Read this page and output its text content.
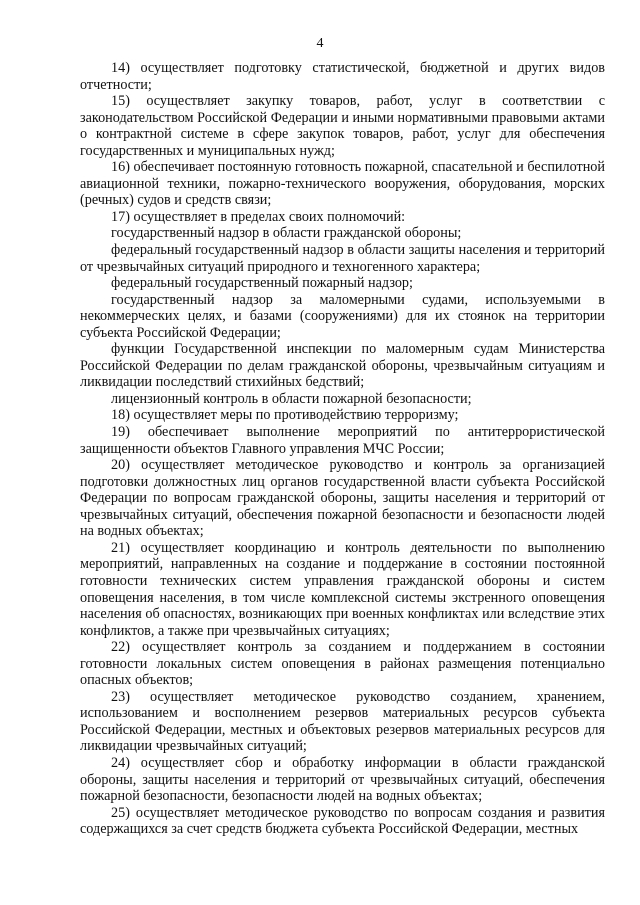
4

14) осуществляет подготовку статистической, бюджетной и других видов отчетности;

15) осуществляет закупку товаров, работ, услуг в соответствии с законодательством Российской Федерации и иными нормативными правовыми актами о контрактной системе в сфере закупок товаров, работ, услуг для обеспечения государственных и муниципальных нужд;

16) обеспечивает постоянную готовность пожарной, спасательной и беспилотной авиационной техники, пожарно-технического вооружения, оборудования, морских (речных) судов и средств связи;

17) осуществляет в пределах своих полномочий:

государственный надзор в области гражданской обороны;

федеральный государственный надзор в области защиты населения и территорий от чрезвычайных ситуаций природного и техногенного характера;

федеральный государственный пожарный надзор;

государственный надзор за маломерными судами, используемыми в некоммерческих целях, и базами (сооружениями) для их стоянок на территории субъекта Российской Федерации;

функции Государственной инспекции по маломерным судам Министерства Российской Федерации по делам гражданской обороны, чрезвычайным ситуациям и ликвидации последствий стихийных бедствий;

лицензионный контроль в области пожарной безопасности;

18) осуществляет меры по противодействию терроризму;

19) обеспечивает выполнение мероприятий по антитеррористической защищенности объектов Главного управления МЧС России;

20) осуществляет методическое руководство и контроль за организацией подготовки должностных лиц органов государственной власти субъекта Российской Федерации по вопросам гражданской обороны, защиты населения и территорий от чрезвычайных ситуаций, обеспечения пожарной безопасности и безопасности людей на водных объектах;

21) осуществляет координацию и контроль деятельности по выполнению мероприятий, направленных на создание и поддержание в состоянии постоянной готовности технических систем управления гражданской обороны и систем оповещения населения, в том числе комплексной системы экстренного оповещения населения об опасностях, возникающих при военных конфликтах или вследствие этих конфликтов, а также при чрезвычайных ситуациях;

22) осуществляет контроль за созданием и поддержанием в состоянии готовности локальных систем оповещения в районах размещения потенциально опасных объектов;

23) осуществляет методическое руководство созданием, хранением, использованием и восполнением резервов материальных ресурсов субъекта Российской Федерации, местных и объектовых резервов материальных ресурсов для ликвидации чрезвычайных ситуаций;

24) осуществляет сбор и обработку информации в области гражданской обороны, защиты населения и территорий от чрезвычайных ситуаций, обеспечения пожарной безопасности, безопасности людей на водных объектах;

25) осуществляет методическое руководство по вопросам создания и развития содержащихся за счет средств бюджета субъекта Российской Федерации, местных
